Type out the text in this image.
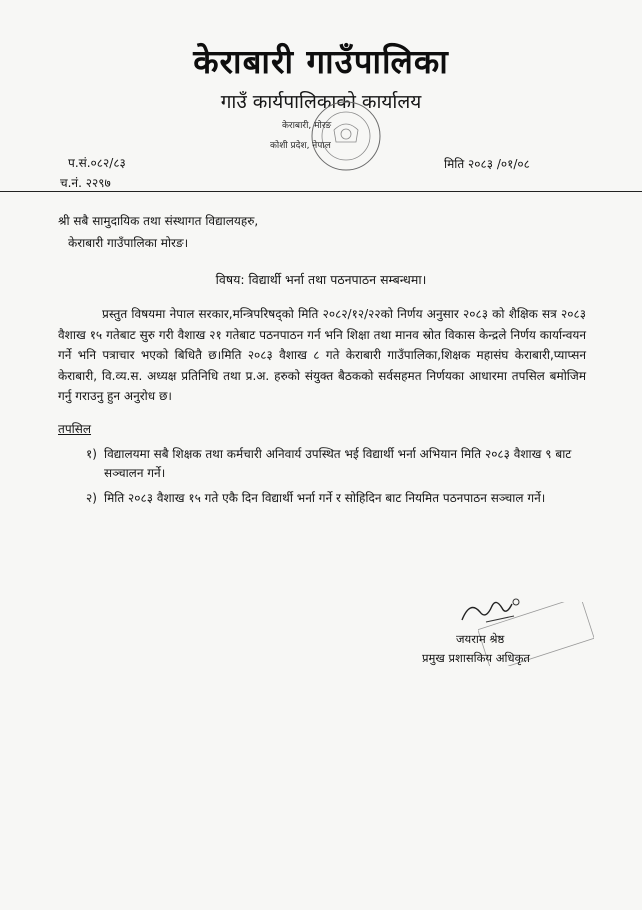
केराबारी गाउँपालिका
गाउँ कार्यपालिकाको कार्यालय
केराबारी, मोरङ
कोशी प्रदेश, नेपाल
प.सं.०८२/८३
च.नं. २२९७
मिति २०८३ /०१/०८
श्री सबै सामुदायिक तथा संस्थागत विद्यालयहरु,
केराबारी गाउँपालिका मोरङ।
विषय: विद्यार्थी भर्ना तथा पठनपाठन सम्बन्धमा।
प्रस्तुत विषयमा नेपाल सरकार,मन्त्रिपरिषद्को मिति २०८२/१२/२२को निर्णय अनुसार २०८३ को शैक्षिक सत्र २०८३ वैशाख १५ गतेबाट सुरु गरी वैशाख २१ गतेबाट पठनपाठन गर्न भनि शिक्षा तथा मानव स्रोत विकास केन्द्रले निर्णय कार्यान्वयन गर्ने भनि पत्राचार भएको बिधितै छ।मिति २०८३ वैशाख ८ गते केराबारी गाउँपालिका,शिक्षक महासंघ केराबारी,प्याप्सन केराबारी, वि.व्य.स. अध्यक्ष प्रतिनिधि तथा प्र.अ. हरुको संयुक्त बैठकको सर्वसहमत निर्णयका आधारमा तपसिल बमोजिम गर्नु गराउनु हुन अनुरोध छ।
तपसिल
१) विद्यालयमा सबै शिक्षक तथा कर्मचारी अनिवार्य उपस्थित भई विद्यार्थी भर्ना अभियान मिति २०८३ वैशाख ९ बाट सञ्चालन गर्ने।
२) मिति २०८३ वैशाख १५ गते एकै दिन विद्यार्थी भर्ना गर्ने र सोहिदिन बाट नियमित पठनपाठन सञ्चाल गर्ने।
जयराम श्रेष्ठ
प्रमुख प्रशासकिय अधिकृत
